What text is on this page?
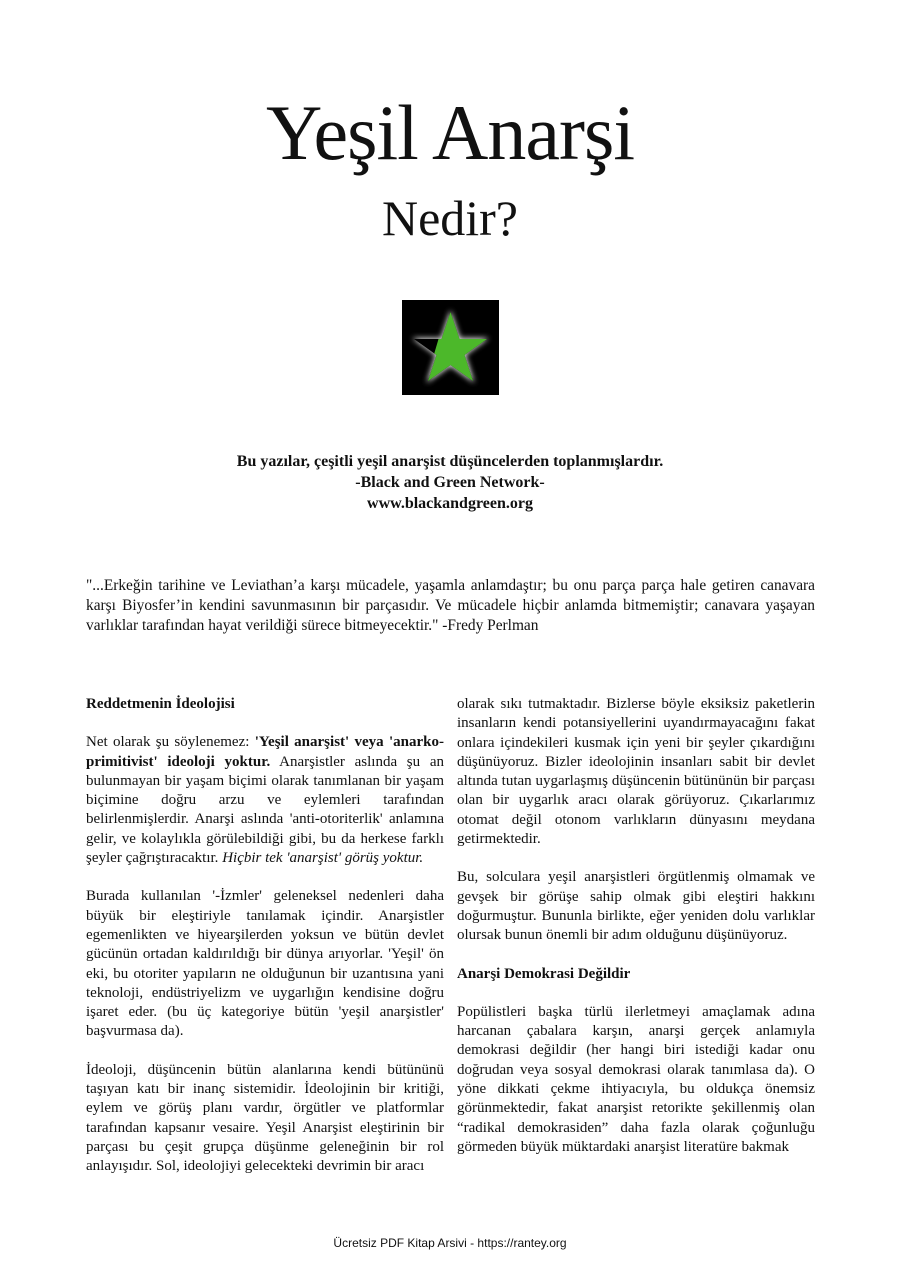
Yeşil Anarşi
Nedir?
Bu yazılar, çeşitli yeşil anarşist düşüncelerden toplanmışlardır.
-Black and Green Network-
www.blackandgreen.org
"...Erkeğin tarihine ve Leviathan’a karşı mücadele, yaşamla anlamdaştır; bu onu parça parça hale getiren canavara karşı Biyosfer’in kendini savunmasının bir parçasıdır. Ve mücadele hiçbir anlamda bitmemiştir; canavara yaşayan varlıklar tarafından hayat verildiği sürece bitmeyecektir." -Fredy Perlman
Reddetmenin İdeolojisi

Net olarak şu söylenemez: 'Yeşil anarşist' veya 'anarko-primitivist' ideoloji yoktur. Anarşistler aslında şu an bulunmayan bir yaşam biçimi olarak tanımlanan bir yaşam biçimine doğru arzu ve eylemleri tarafından belirlenmişlerdir. Anarşi aslında 'anti-otoriterlik' anlamına gelir, ve kolaylıkla görülebildiği gibi, bu da herkese farklı şeyler çağrıştıracaktır. Hiçbir tek 'anarşist' görüş yoktur.

Burada kullanılan '-İzmler' geleneksel nedenleri daha büyük bir eleştiriyle tanılamak içindir. Anarşistler egemenlikten ve hiyearşilerden yoksun ve bütün devlet gücünün ortadan kaldırıldığı bir dünya arıyorlar. 'Yeşil' ön eki, bu otoriter yapıların ne olduğunun bir uzantısına yani teknoloji, endüstriyelizm ve uygarlığın kendisine doğru işaret eder. (bu üç kategoriye bütün 'yeşil anarşistler' başvurmasa da).

İdeoloji, düşüncenin bütün alanlarına kendi bütününü taşıyan katı bir inanç sistemidir. İdeolojinin bir kritiği, eylem ve görüş planı vardır, örgütler ve platformlar tarafından kapsanır vesaire. Yeşil Anarşist eleştirinin bir parçası bu çeşit grupça düşünme geleneğinin bir rol anlayışıdır. Sol, ideolojiyi gelecekteki devrimin bir aracı

olarak sıkı tutmaktadır. Bizlerse böyle eksiksiz paketlerin insanların kendi potansiyellerini uyandırmayacağını fakat onlara içindekileri kusmak için yeni bir şeyler çıkardığını düşünüyoruz. Bizler ideolojinin insanları sabit bir devlet altında tutan uygarlaşmış düşüncenin bütününün bir parçası olan bir uygarlık aracı olarak görüyoruz. Çıkarlarımız otomat değil otonom varlıkların dünyasını meydana getirmektedir.

Bu, solculara yeşil anarşistleri örgütlenmiş olmamak ve gevşek bir görüşe sahip olmak gibi eleştiri hakkını doğurmuştur. Bununla birlikte, eğer yeniden dolu varlıklar olursak bunun önemli bir adım olduğunu düşünüyoruz.

Anarşi Demokrasi Değildir

Popülistleri başka türlü ilerletmeyi amaçlamak adına harcanan çabalara karşın, anarşi gerçek anlamıyla demokrasi değildir (her hangi biri istediği kadar onu doğrudan veya sosyal demokrasi olarak tanımlasa da). O yöne dikkati çekme ihtiyacıyla, bu oldukça önemsiz görünmektedir, fakat anarşist retorikte şekillenmiş olan “radikal demokrasiden” daha fazla olarak çoğunluğu görmeden büyük müktardaki anarşist literatüre bakmak

Ücretsiz PDF Kitap Arsivi - https://rantey.org
